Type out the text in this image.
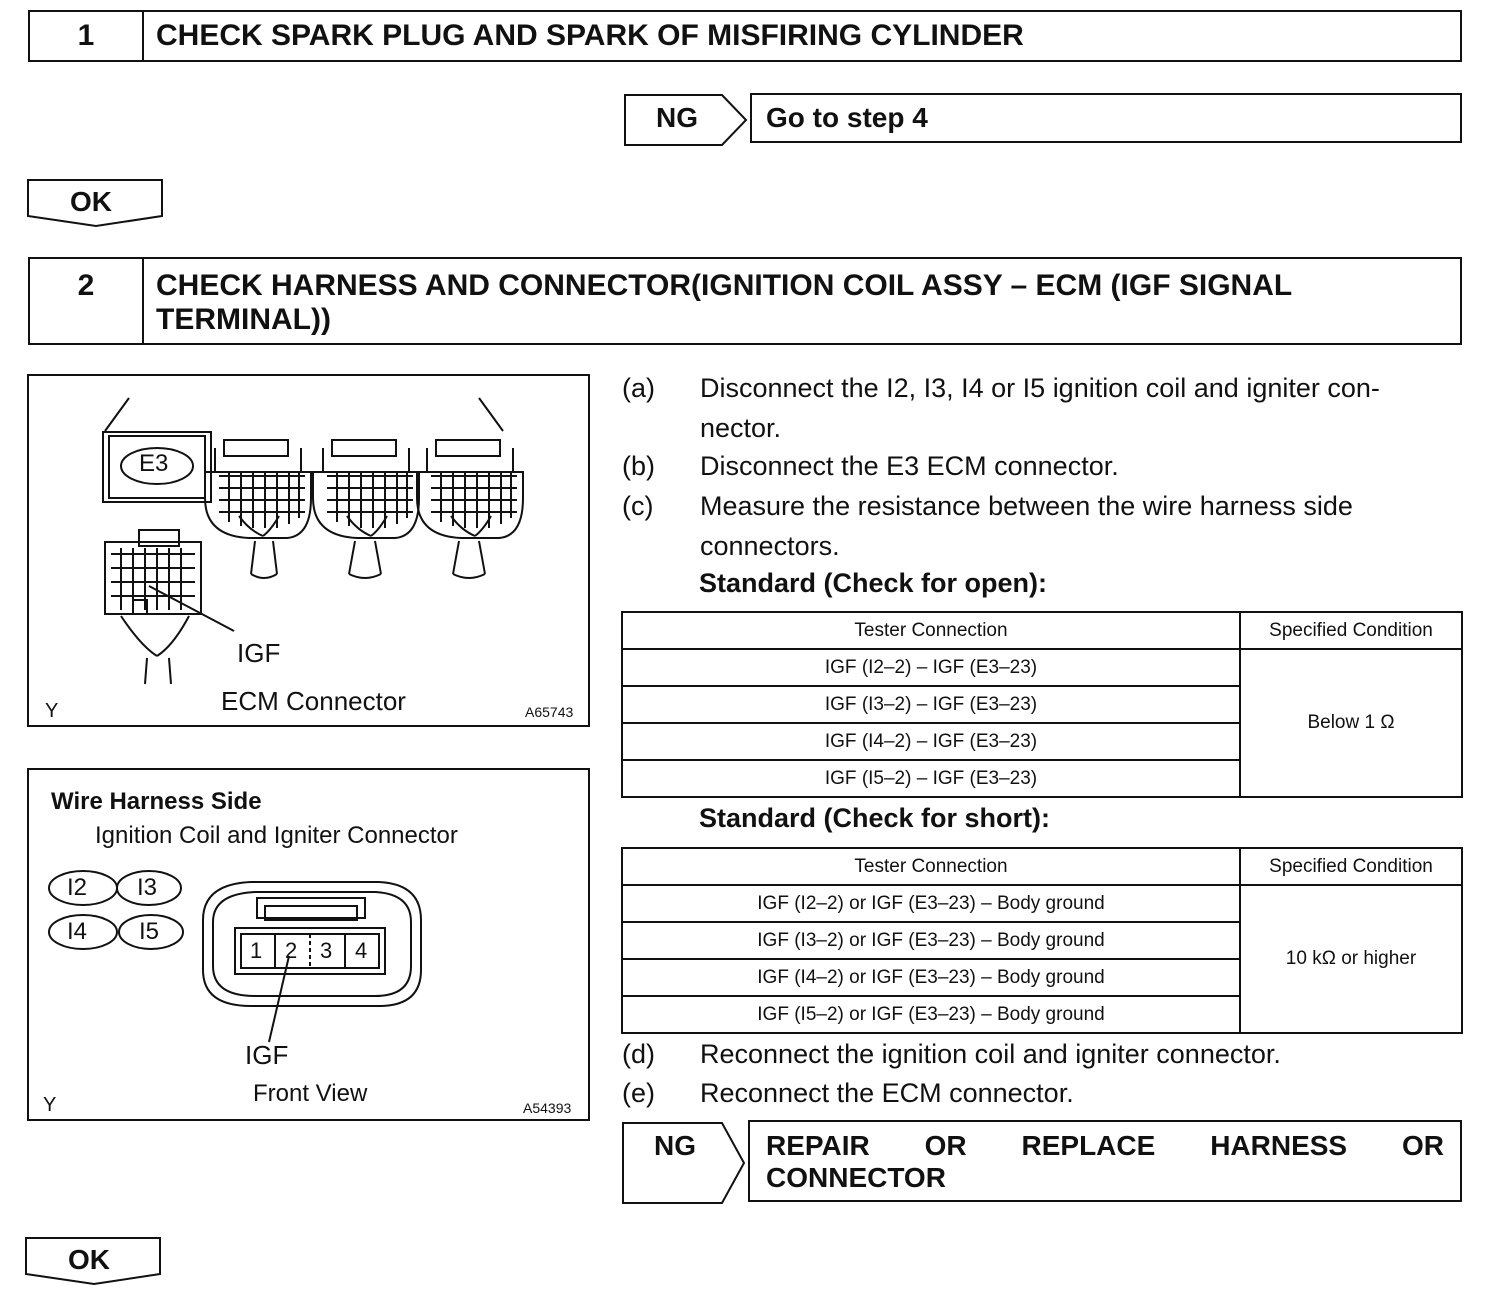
1	CHECK SPARK PLUG AND SPARK OF MISFIRING CYLINDER
NG	Go to step 4
OK
2	CHECK HARNESS AND CONNECTOR(IGNITION COIL ASSY – ECM (IGF SIGNAL
TERMINAL))
E3
IGF
ECM Connector
Y	A65743
Wire Harness Side
Ignition Coil and Igniter Connector
I2 I3
I4 I5
1 2 3 4
IGF
Front View
Y	A54393
(a) Disconnect the I2, I3, I4 or I5 ignition coil and igniter con-
nector.
(b) Disconnect the E3 ECM connector.
(c) Measure the resistance between the wire harness side
connectors.
Standard (Check for open):
Tester Connection	Specified Condition
IGF (I2–2) – IGF (E3–23)	Below 1 Ω
IGF (I3–2) – IGF (E3–23)	
IGF (I4–2) – IGF (E3–23)	
IGF (I5–2) – IGF (E3–23)	
Standard (Check for short):
Tester Connection	Specified Condition
IGF (I2–2) or IGF (E3–23) – Body ground	10 kΩ or higher
IGF (I3–2) or IGF (E3–23) – Body ground	
IGF (I4–2) or IGF (E3–23) – Body ground	
IGF (I5–2) or IGF (E3–23) – Body ground	
(d) Reconnect the ignition coil and igniter connector.
(e) Reconnect the ECM connector.
NG	REPAIR OR REPLACE HARNESS OR
CONNECTOR
OK
